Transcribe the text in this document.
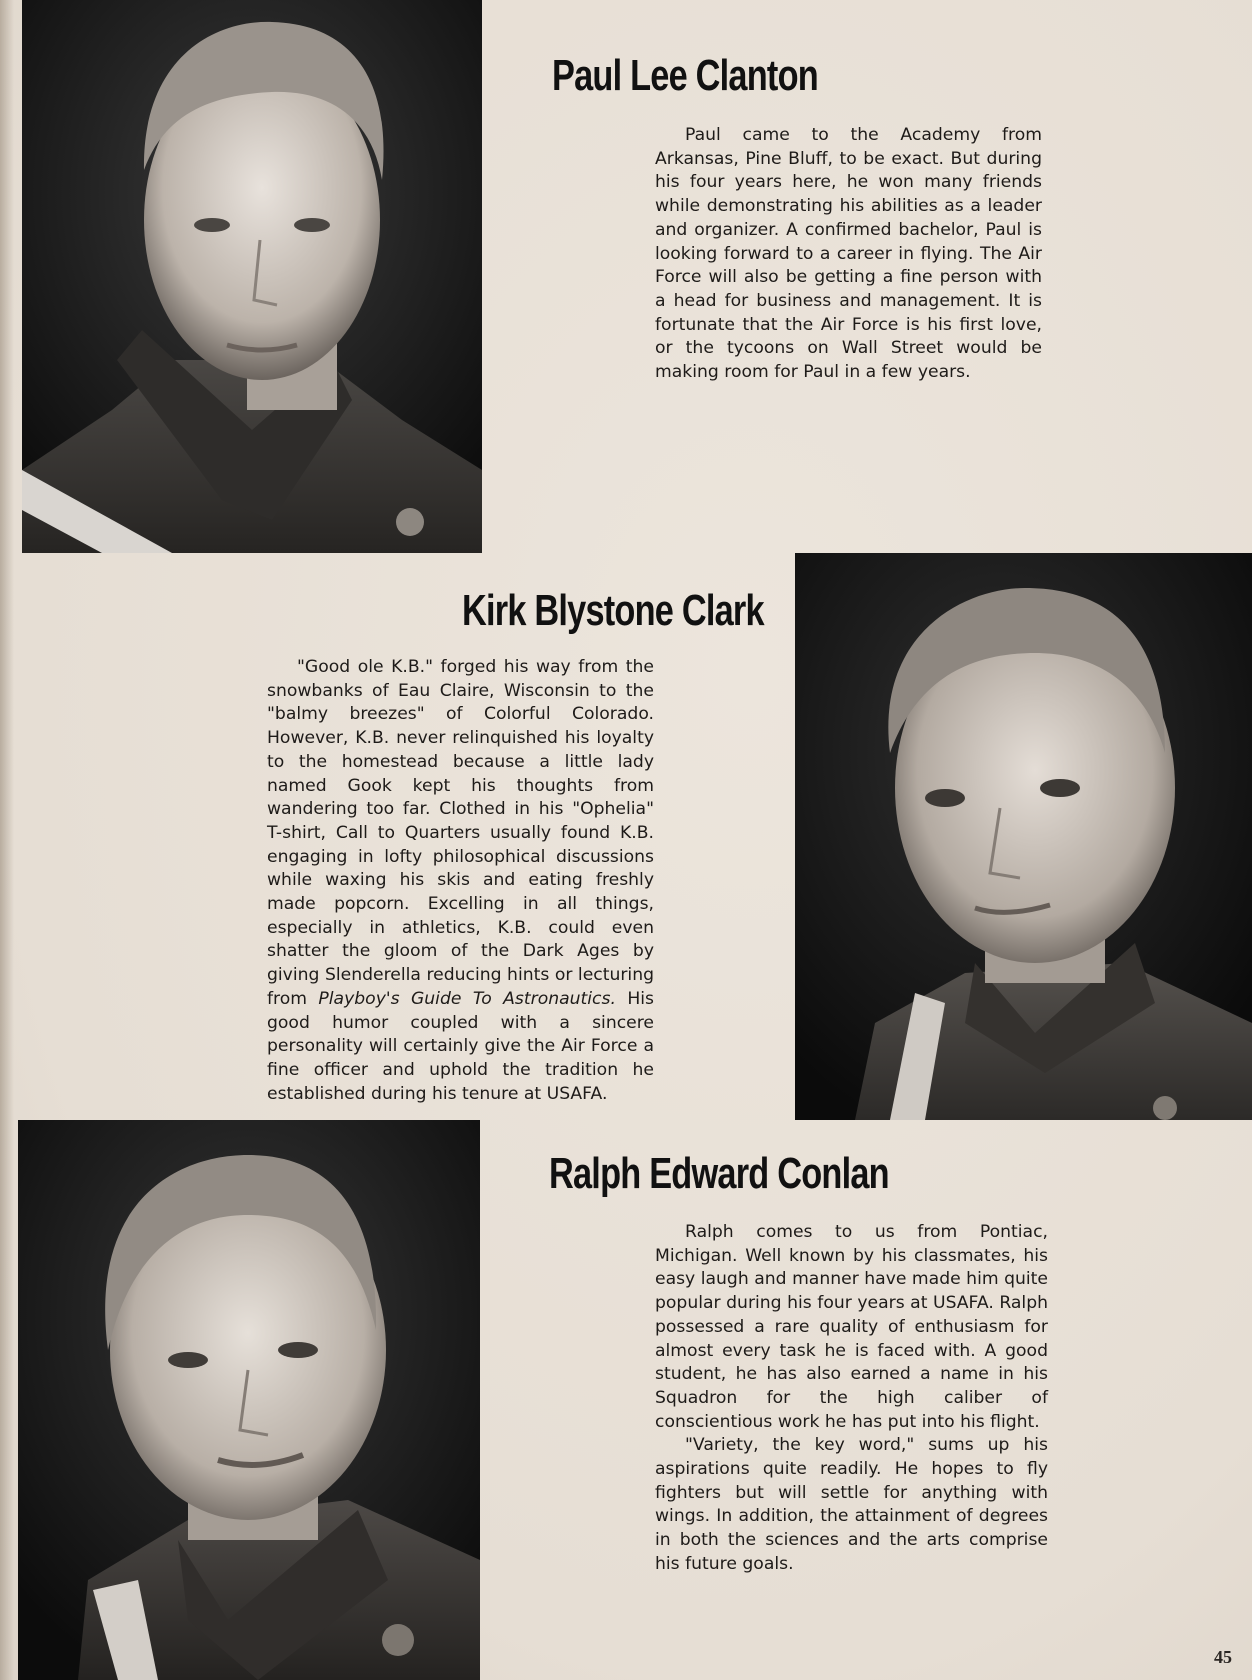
Paul Lee Clanton

Paul came to the Academy from Arkansas, Pine Bluff, to be exact. But during his four years here, he won many friends while demonstrating his abilities as a leader and organizer. A confirmed bachelor, Paul is looking forward to a career in flying. The Air Force will also be getting a fine person with a head for business and management. It is fortunate that the Air Force is his first love, or the tycoons on Wall Street would be making room for Paul in a few years.

Kirk Blystone Clark

"Good ole K.B." forged his way from the snowbanks of Eau Claire, Wisconsin to the "balmy breezes" of Colorful Colorado. However, K.B. never relinquished his loyalty to the homestead because a little lady named Gook kept his thoughts from wandering too far. Clothed in his "Ophelia" T-shirt, Call to Quarters usually found K.B. engaging in lofty philosophical discussions while waxing his skis and eating freshly made popcorn. Excelling in all things, especially in athletics, K.B. could even shatter the gloom of the Dark Ages by giving Slenderella reducing hints or lecturing from Playboy's Guide To Astronautics. His good humor coupled with a sincere personality will certainly give the Air Force a fine officer and uphold the tradition he established during his tenure at USAFA.

Ralph Edward Conlan

Ralph comes to us from Pontiac, Michigan. Well known by his classmates, his easy laugh and manner have made him quite popular during his four years at USAFA. Ralph possessed a rare quality of enthusiasm for almost every task he is faced with. A good student, he has also earned a name in his Squadron for the high caliber of conscientious work he has put into his flight.

"Variety, the key word," sums up his aspirations quite readily. He hopes to fly fighters but will settle for anything with wings. In addition, the attainment of degrees in both the sciences and the arts comprise his future goals.

45
